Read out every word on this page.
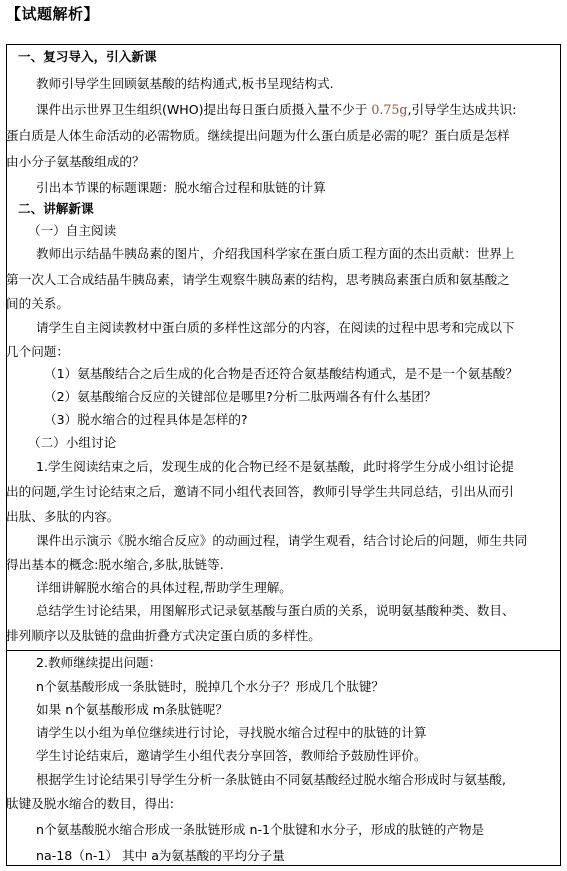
【试题解析】
一、复习导入，引入新课
教师引导学生回顾氨基酸的结构通式,板书呈现结构式.
课件出示世界卫生组织(WHO)提出每日蛋白质摄入量不少于 0.75g,引导学生达成共识:
蛋白质是人体生命活动的必需物质。继续提出问题为什么蛋白质是必需的呢？蛋白质是怎样
由小分子氨基酸组成的？
引出本节课的标题课题：脱水缩合过程和肽链的计算
二、讲解新课
（一）自主阅读
教师出示结晶牛胰岛素的图片，介绍我国科学家在蛋白质工程方面的杰出贡献：世界上
第一次人工合成结晶牛胰岛素，请学生观察牛胰岛素的结构，思考胰岛素蛋白质和氨基酸之
间的关系。
请学生自主阅读教材中蛋白质的多样性这部分的内容，在阅读的过程中思考和完成以下
几个问题：
（1）氨基酸结合之后生成的化合物是否还符合氨基酸结构通式，是不是一个氨基酸？
（2）氨基酸缩合反应的关键部位是哪里?分析二肽两端各有什么基团？
（3）脱水缩合的过程具体是怎样的?
（二）小组讨论
1.学生阅读结束之后，发现生成的化合物已经不是氨基酸，此时将学生分成小组讨论提
出的问题,学生讨论结束之后，邀请不同小组代表回答，教师引导学生共同总结，引出从而引
出肽、多肽的内容。
课件出示演示《脱水缩合反应》的动画过程，请学生观看，结合讨论后的问题，师生共同
得出基本的概念:脱水缩合,多肽,肽链等.
详细讲解脱水缩合的具体过程,帮助学生理解。
总结学生讨论结果，用图解形式记录氨基酸与蛋白质的关系，说明氨基酸种类、数目、
排列顺序以及肽链的盘曲折叠方式决定蛋白质的多样性。
2.教师继续提出问题：
n个氨基酸形成一条肽链时，脱掉几个水分子？形成几个肽键？
如果 n个氨基酸形成 m条肽链呢？
请学生以小组为单位继续进行讨论，寻找脱水缩合过程中的肽链的计算
学生讨论结束后，邀请学生小组代表分享回答，教师给予鼓励性评价。
根据学生讨论结果引导学生分析一条肽链由不同氨基酸经过脱水缩合形成时与氨基酸,
肽键及脱水缩合的数目，得出:
n个氨基酸脱水缩合形成一条肽链形成 n-1个肽键和水分子，形成的肽链的产物是
na-18（n-1） 其中 a为氨基酸的平均分子量
